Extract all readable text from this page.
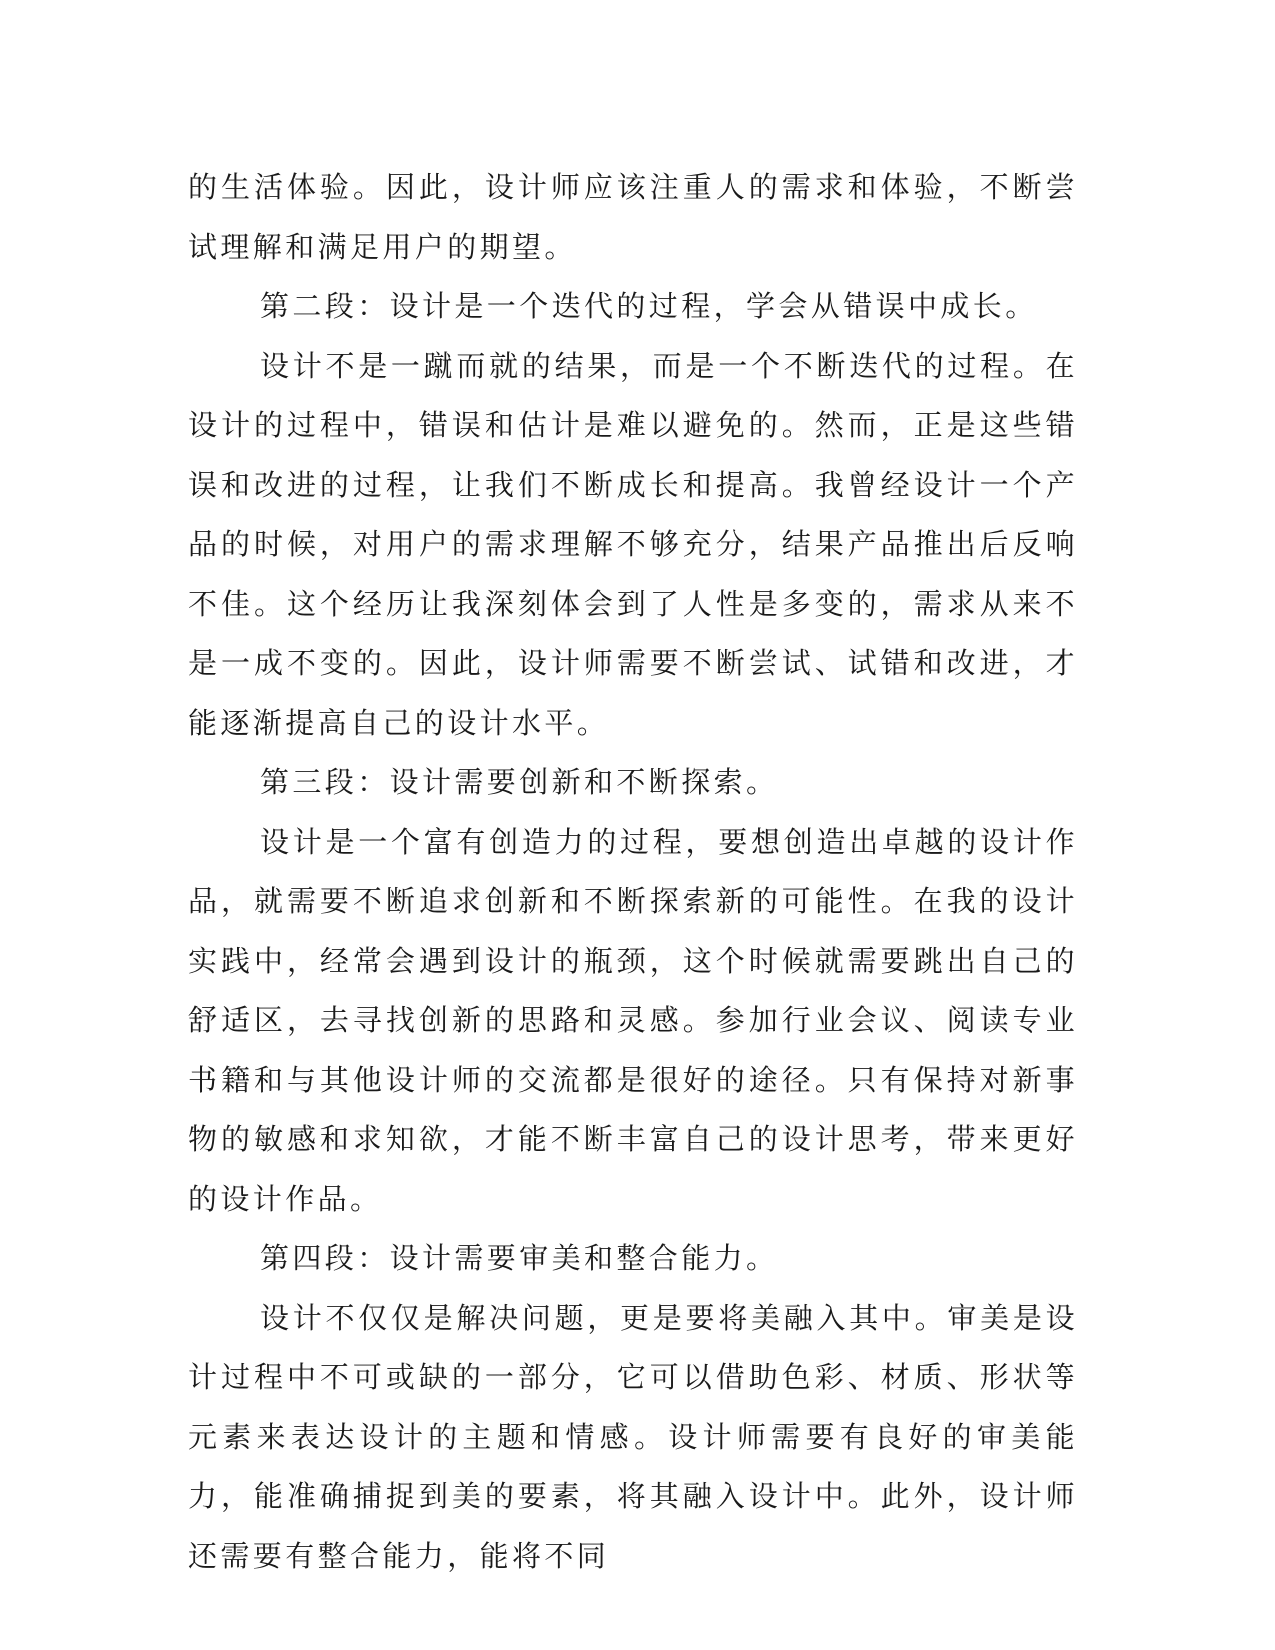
的生活体验。因此，设计师应该注重人的需求和体验，不断尝试理解和满足用户的期望。

第二段：设计是一个迭代的过程，学会从错误中成长。

设计不是一蹴而就的结果，而是一个不断迭代的过程。在设计的过程中，错误和估计是难以避免的。然而，正是这些错误和改进的过程，让我们不断成长和提高。我曾经设计一个产品的时候，对用户的需求理解不够充分，结果产品推出后反响不佳。这个经历让我深刻体会到了人性是多变的，需求从来不是一成不变的。因此，设计师需要不断尝试、试错和改进，才能逐渐提高自己的设计水平。

第三段：设计需要创新和不断探索。

设计是一个富有创造力的过程，要想创造出卓越的设计作品，就需要不断追求创新和不断探索新的可能性。在我的设计实践中，经常会遇到设计的瓶颈，这个时候就需要跳出自己的舒适区，去寻找创新的思路和灵感。参加行业会议、阅读专业书籍和与其他设计师的交流都是很好的途径。只有保持对新事物的敏感和求知欲，才能不断丰富自己的设计思考，带来更好的设计作品。

第四段：设计需要审美和整合能力。

设计不仅仅是解决问题，更是要将美融入其中。审美是设计过程中不可或缺的一部分，它可以借助色彩、材质、形状等元素来表达设计的主题和情感。设计师需要有良好的审美能力，能准确捕捉到美的要素，将其融入设计中。此外，设计师还需要有整合能力，能将不同
